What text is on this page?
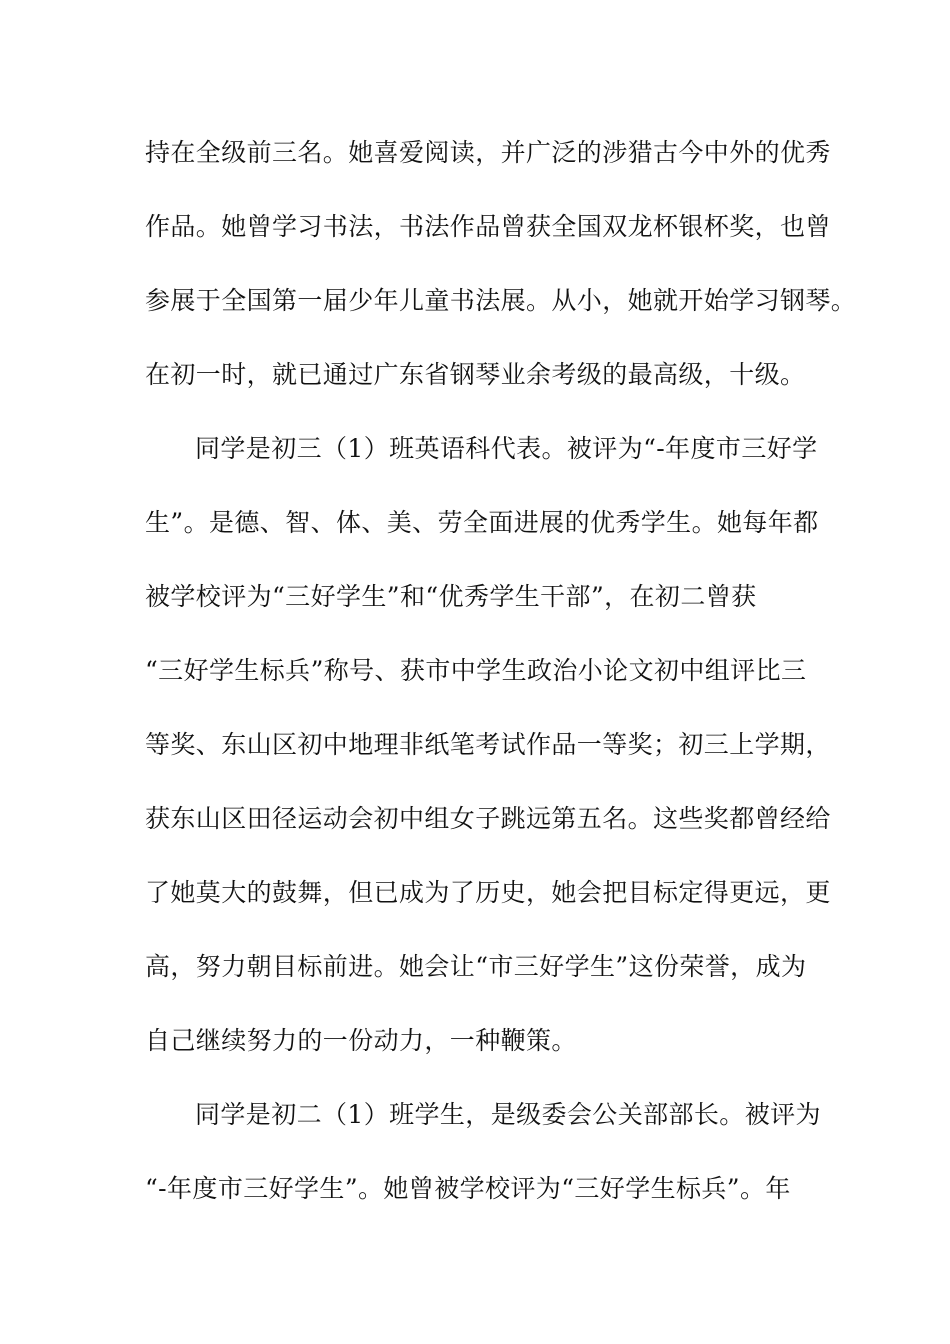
持在全级前三名。她喜爱阅读，并广泛的涉猎古今中外的优秀
作品。她曾学习书法，书法作品曾获全国双龙杯银杯奖，也曾
参展于全国第一届少年儿童书法展。从小，她就开始学习钢琴。
在初一时，就已通过广东省钢琴业余考级的最高级，十级。
同学是初三（1）班英语科代表。被评为“-年度市三好学
生”。是德、智、体、美、劳全面进展的优秀学生。她每年都
被学校评为“三好学生”和“优秀学生干部”，在初二曾获
“三好学生标兵”称号、获市中学生政治小论文初中组评比三
等奖、东山区初中地理非纸笔考试作品一等奖；初三上学期，
获东山区田径运动会初中组女子跳远第五名。这些奖都曾经给
了她莫大的鼓舞，但已成为了历史，她会把目标定得更远，更
高，努力朝目标前进。她会让“市三好学生”这份荣誉，成为
自己继续努力的一份动力，一种鞭策。
同学是初二（1）班学生，是级委会公关部部长。被评为
“-年度市三好学生”。她曾被学校评为“三好学生标兵”。年
